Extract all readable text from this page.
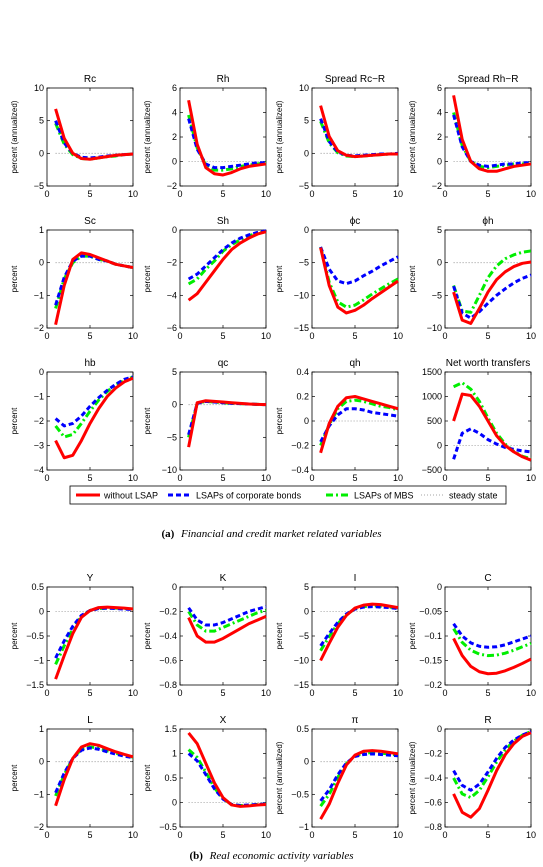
0	5	10
−5
0
5
10
Rc
percent (annualized)
0	5	10
−2
0
2
4
6
Rh
percent (annualized)
0	5	10
−5
0
5
10
Spread Rc−R
percent (annualized)
0	5	10
−2
0
2
4
6
Spread Rh−R
percent (annualized)
0	5	10
−2
−1
0
1
Sc
percent
0	5	10
−6
−4
−2
0
Sh
percent
0	5	10
−15
−10
−5
0
ϕc
percent
0	5	10
−10
−5
0
5
ϕh
percent
0	5	10
−4
−3
−2
−1
0
hb
percent
0	5	10
−10
−5
0
5
qc
percent
0	5	10
−0.4
−0.2
0
0.2
0.4
qh
percent
0	5	10
−500
0
500
1000
1500
Net worth transfers
0	5	10
−1.5
−1
−0.5
0
0.5
Y
percent
0	5	10
−0.8
−0.6
−0.4
−0.2
0
K
percent
0	5	10
−15
−10
−5
0
5
I
percent
0	5	10
−0.2
−0.15
−0.1
−0.05
0
C
percent
0	5	10
−2
−1
0
1
L
percent
0	5	10
−0.5
0
0.5
1
1.5
X
percent
0	5	10
−1
−0.5
0
0.5
π
percent (annualized)
0	5	10
−0.8
−0.6
−0.4
−0.2
0
R
percent (annualized)
without LSAP	LSAPs of corporate bonds	LSAPs of MBS	steady state
(a) Financial and credit market related variables
(b) Real economic activity variables
